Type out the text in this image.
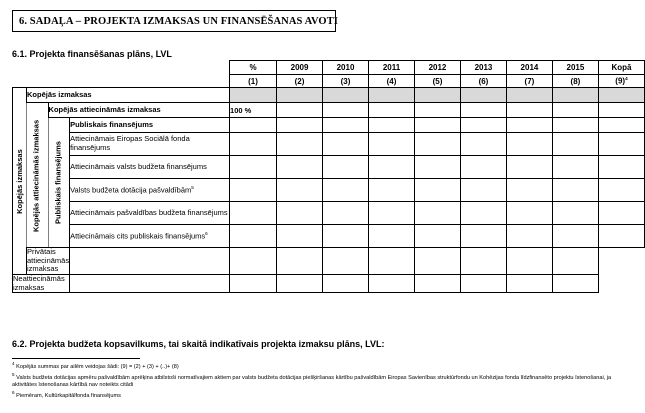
6. SADAĻA – PROJEKTA IZMAKSAS UN FINANSĒŠANAS AVOTI
6.1. Projekta finansēšanas plāns, LVL
				%	2009	2010	2011	2012	2013	2014	2015	Kopā
				(1)	(2)	(3)	(4)	(5)	(6)	(7)	(8)	$(9)^4$
Kopējās izmaksas	Kopējās izmaksas											
	Kopējās attiecināmās izmaksas	Kopējās attiecināmās izmaksas		100 %								
		Publiskais finansējums	Publiskais finansējums									
			Attiecināmais Eiropas Sociālā fonda finansējums									
			Attiecināmais valsts budžeta finansējums									
			Valsts budžeta dotācija pašvaldībām$^5$									
			Attiecināmais pašvaldības budžeta finansējums									
			Attiecināmais cits publiskais finansējums$^6$									
	Privātais attiecināmās izmaksas											
Neattiecināmās izmaksas												
6.2. Projekta budžeta kopsavilkums, tai skaitā indikatīvais projekta izmaksu plāns, LVL:
$^4$ Kopējās summas par ailēm veidojas šādi: (9) = (2) + (3) + (..)+ (8)
$^5$ Valsts budžeta dotācijas apmēru pašvaldībām aprēķina atbilstoši normatīvajiem aktiem par valsts budžeta dotācijas piešķiršanas kārtību pašvaldībām Eiropas Savienības struktūrfondu un Kohēzijas fonda līdzfinansēto projektu īstenošanai, ja aktivitātes īstenošanas kārtībā nav noteikts citādi
$^6$ Piemēram, Kultūrkapitālfonda finansējums
